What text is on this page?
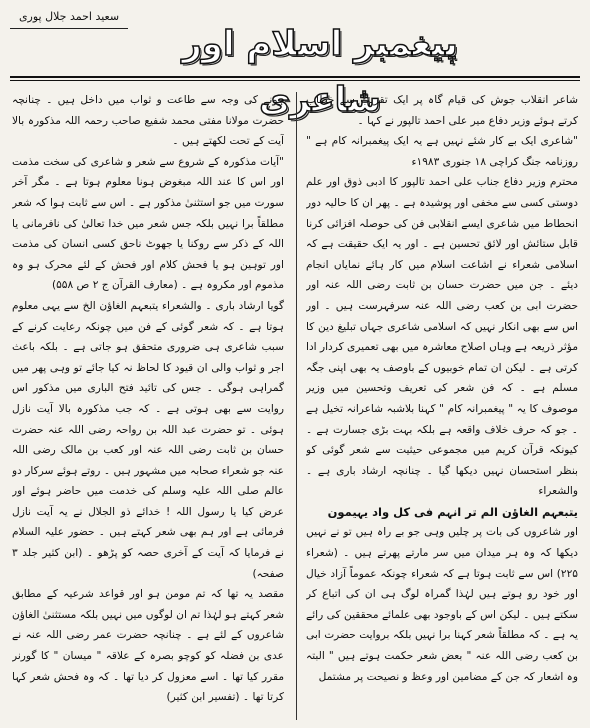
سعید احمد جلال پوری
پیغمبر اسلام اور شاعری

شاعر انقلاب جوش کی قیام گاہ پر ایک تقریب سے خطاب کرتے ہوئے وزیر دفاع میر علی احمد تالپور نے کہا ۔

"شاعری ایک بے کار شئے نہیں ہے یہ ایک پیغمبرانہ کام ہے " روزنامہ جنگ کراچی ۱۸ جنوری ۱۹۸۳ء

محترم وزیر دفاع جناب علی احمد تالپور کا ادبی ذوق اور علم دوستی کسی سے مخفی اور پوشیدہ ہے ۔ پھر ان کا حالیہ دور انحطاط میں شاعری ایسے انقلابی فن کی حوصلہ افزائی کرنا قابل ستائش اور لائق تحسین ہے ۔ اور یہ ایک حقیقت ہے کہ اسلامی شعراء نے اشاعت اسلام میں کار ہائے نمایاں انجام دیئے ۔ جن میں حضرت حسان بن ثابت رضی اللہ عنہ اور حضرت ابی بن کعب رضی اللہ عنہ سرفہرست ہیں ۔ اور اس سے بھی انکار نہیں کہ اسلامی شاعری جہاں تبلیغ دین کا مؤثر ذریعہ ہے وہاں اصلاح معاشرہ میں بھی تعمیری کردار ادا کرتی ہے ۔ لیکن ان تمام خوبیوں کے باوصف یہ بھی اپنی جگہ مسلم ہے ۔ کہ فن شعر کی تعریف وتحسین میں وزیر موصوف کا یہ " پیغمبرانہ کام " کہنا بلاشبہ شاعرانہ تخیل ہے ۔ جو کہ حرف خلاف واقعہ ہے بلکہ بہت بڑی جسارت ہے ۔ کیونکہ قرآن کریم میں مجموعی حیثیت سے شعر گوئی کو بنظر استحسان نہیں دیکھا گیا ۔ چنانچہ ارشاد باری ہے ۔ والشعراء

یتبعہم الغاؤن الم تر انہم فی کل واد یہیمون

اور شاعروں کی بات پر چلیں وہی جو بے راہ ہیں تو نے نہیں دیکھا کہ وہ ہر میدان میں سر مارتے پھرتے ہیں ۔ (شعراء ۲۲۵) اس سے ثابت ہوتا ہے کہ شعراء چونکہ عموماً آزاد خیال اور خود رو ہوتے ہیں لہٰذا گمراہ لوگ ہی ان کی اتباع کر سکتے ہیں ۔ لیکن اس کے باوجود بھی علمائے محققین کی رائے یہ ہے ۔ کہ مطلقاً شعر کہنا برا نہیں بلکہ بروایت حضرت ابی بن کعب رضی اللہ عنہ " بعض شعر حکمت ہوتے ہیں " البتہ وہ اشعار کہ جن کے مضامین اور وعظ و نصیحت پر مشتمل

ہونے کی وجہ سے طاعت و ثواب میں داخل ہیں ۔ چنانچہ حضرت مولانا مفتی محمد شفیع صاحب رحمہ اللہ مذکورہ بالا آیت کے تحت لکھتے ہیں ۔

"آیات مذکورہ کے شروع سے شعر و شاعری کی سخت مذمت اور اس کا عند اللہ مبغوض ہونا معلوم ہوتا ہے ۔ مگر آخر سورت میں جو استثنیٰ مذکور ہے ۔ اس سے ثابت ہوا کہ شعر مطلقاً برا نہیں بلکہ جس شعر میں خدا تعالیٰ کی نافرمانی یا اللہ کے ذکر سے روکنا یا جھوٹ ناحق کسی انسان کی مذمت اور توہین ہو یا فحش کلام اور فحش کے لئے محرک ہو وہ مذموم اور مکروہ ہے ۔ (معارف القرآن ج ۲ ص ۵۵۸)

گویا ارشاد باری ۔ والشعراء یتبعہم الغاؤن الخ سے یہی معلوم ہوتا ہے ۔ کہ شعر گوئی کے فن میں چونکہ رعایت کرنے کے سبب شاعری ہی ضروری متحقق ہو جاتی ہے ۔ بلکہ باعث اجر و ثواب والی ان قیود کا لحاظ نہ کیا جائے تو وہی پھر میں گمراہی ہوگی ۔ جس کی تائید فتح الباری میں مذکور اس روایت سے بھی ہوتی ہے ۔ کہ جب مذکورہ بالا آیت نازل ہوئی ۔ تو حضرت عبد اللہ بن رواحہ رضی اللہ عنہ حضرت حسان بن ثابت رضی اللہ عنہ اور کعب بن مالک رضی اللہ عنہ جو شعراء صحابہ میں مشہور ہیں ۔ روتے ہوئے سرکار دو عالم صلی اللہ علیہ وسلم کی خدمت میں حاضر ہوئے اور عرض کیا یا رسول اللہ ! خدائے ذو الجلال نے یہ آیت نازل فرمائی ہے اور ہم بھی شعر کہتے ہیں ۔ حضور علیہ السلام نے فرمایا کہ آیت کے آخری حصہ کو پڑھو ۔ (ابن کثیر جلد ۳ صفحہ)

مقصد یہ تھا کہ تم مومن ہو اور قواعد شرعیہ کے مطابق شعر کہتے ہو لہٰذا تم ان لوگوں میں نہیں بلکہ مستثنیٰ الغاؤن شاعروں کے لئے ہے ۔ چنانچہ حضرت عمر رضی اللہ عنہ نے عدی بن فضلہ کو کوچو بصرہ کے علاقہ " میسان " کا گورنر مقرر کیا تھا ۔ اسے معزول کر دیا تھا ۔ کہ وہ فحش شعر کہا کرتا تھا ۔ (تفسیر ابن کثیر)
